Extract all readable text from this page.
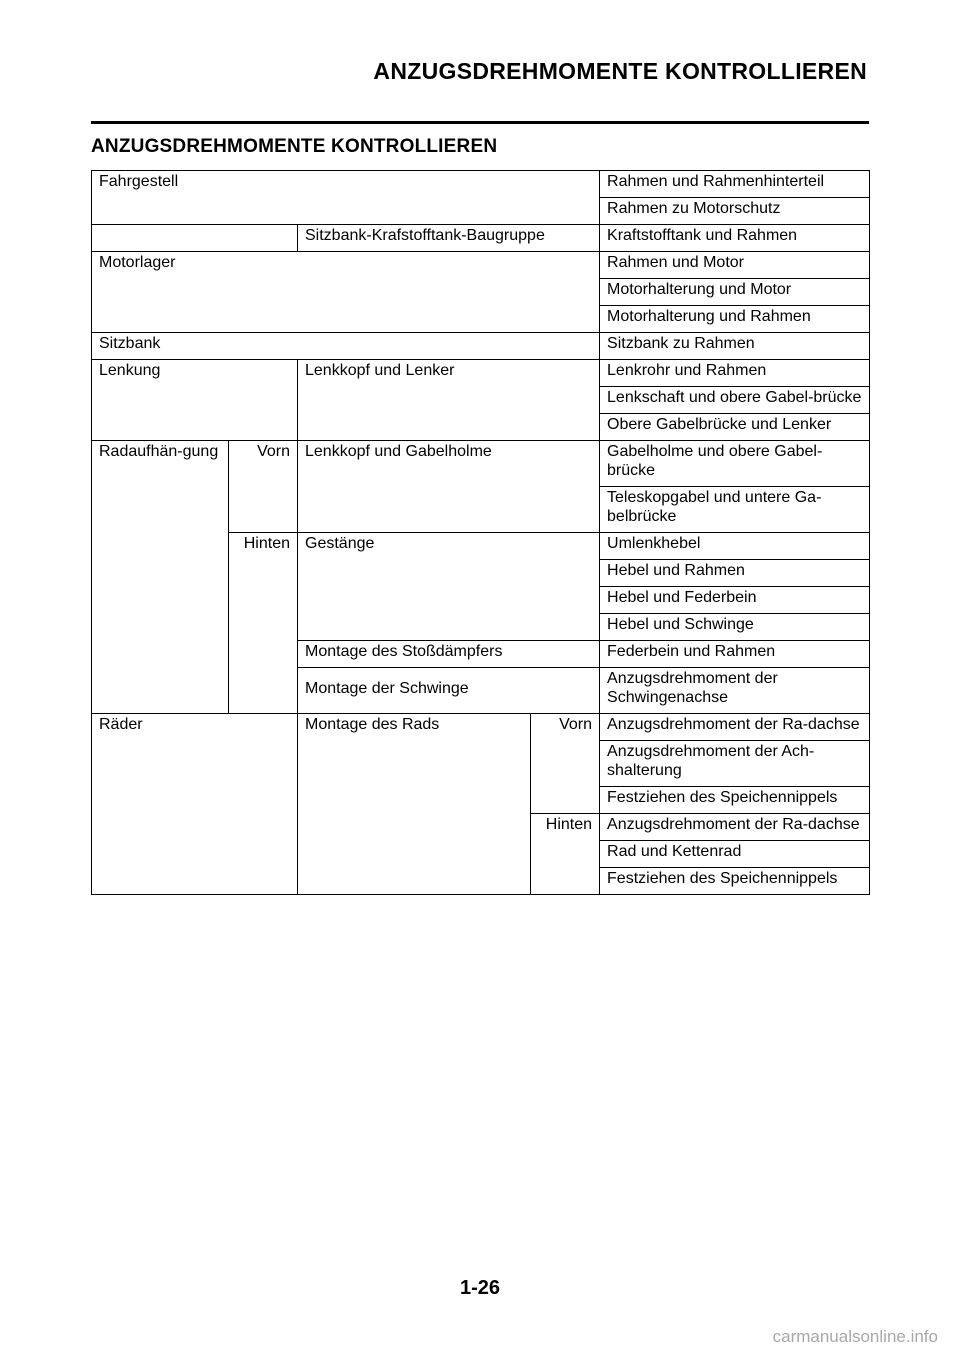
ANZUGSDREHMOMENTE KONTROLLIEREN
ANZUGSDREHMOMENTE KONTROLLIEREN
Fahrgestell				Rahmen und Rahmenhinterteil
				Rahmen zu Motorschutz
		Sitzbank-Krafstofftank-Baugruppe		Kraftstofftank und Rahmen
Motorlager				Rahmen und Motor
				Motorhalterung und Motor
				Motorhalterung und Rahmen
Sitzbank				Sitzbank zu Rahmen
Lenkung		Lenkkopf und Lenker		Lenkrohr und Rahmen
				Lenkschaft und obere Gabel-brücke
				Obere Gabelbrücke und Lenker
Radaufhän-gung	Vorn	Lenkkopf und Gabelholme		Gabelholme und obere Gabel-brücke
				Teleskopgabel und untere Ga-belbrücke
	Hinten	Gestänge		Umlenkhebel
				Hebel und Rahmen
				Hebel und Federbein
				Hebel und Schwinge
		Montage des Stoßdämpfers		Federbein und Rahmen
		Montage der Schwinge		Anzugsdrehmoment der Schwingenachse
Räder		Montage des Rads	Vorn	Anzugsdrehmoment der Ra-dachse
				Anzugsdrehmoment der Ach-shalterung
				Festziehen des Speichennippels
			Hinten	Anzugsdrehmoment der Ra-dachse
				Rad und Kettenrad
				Festziehen des Speichennippels
1-26
carmanualsonline.info
